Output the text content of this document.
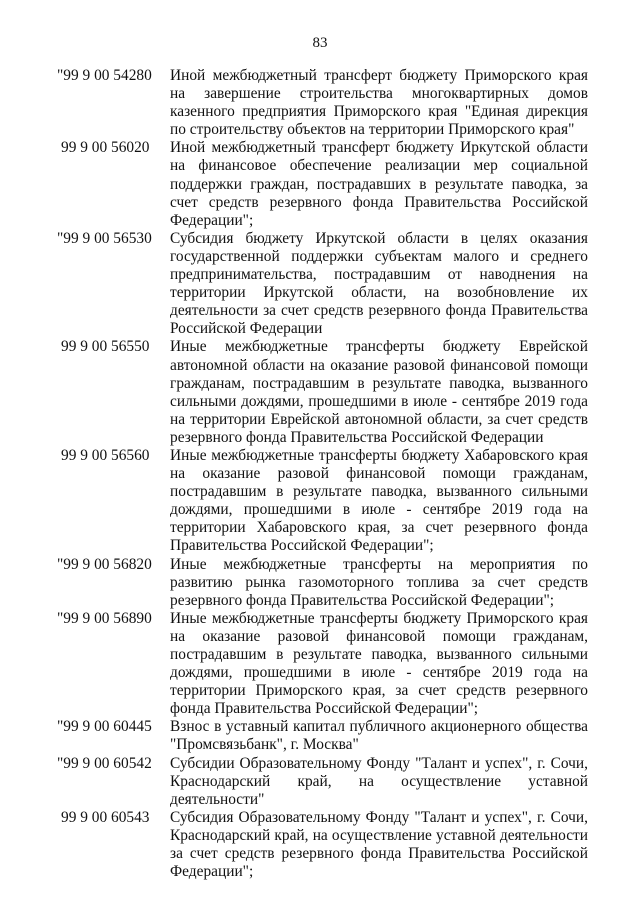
83
"99 9 00 54280	Иной межбюджетный трансферт бюджету Приморского края на завершение строительства многоквартирных домов казенного предприятия Приморского края "Единая дирекция по строительству объектов на территории Приморского края"
99 9 00 56020	Иной межбюджетный трансферт бюджету Иркутской области на финансовое обеспечение реализации мер социальной поддержки граждан, пострадавших в результате паводка, за счет средств резервного фонда Правительства Российской Федерации";
"99 9 00 56530	Субсидия бюджету Иркутской области в целях оказания государственной поддержки субъектам малого и среднего предпринимательства, пострадавшим от наводнения на территории Иркутской области, на возобновление их деятельности за счет средств резервного фонда Правительства Российской Федерации
99 9 00 56550	Иные межбюджетные трансферты бюджету Еврейской автономной области на оказание разовой финансовой помощи гражданам, пострадавшим в результате паводка, вызванного сильными дождями, прошедшими в июле - сентябре 2019 года на территории Еврейской автономной области, за счет средств резервного фонда Правительства Российской Федерации
99 9 00 56560	Иные межбюджетные трансферты бюджету Хабаровского края на оказание разовой финансовой помощи гражданам, пострадавшим в результате паводка, вызванного сильными дождями, прошедшими в июле - сентябре 2019 года на территории Хабаровского края, за счет резервного фонда Правительства Российской Федерации";
"99 9 00 56820	Иные межбюджетные трансферты на мероприятия по развитию рынка газомоторного топлива за счет средств резервного фонда Правительства Российской Федерации";
"99 9 00 56890	Иные межбюджетные трансферты бюджету Приморского края на оказание разовой финансовой помощи гражданам, пострадавшим в результате паводка, вызванного сильными дождями, прошедшими в июле - сентябре 2019 года на территории Приморского края, за счет средств резервного фонда Правительства Российской Федерации";
"99 9 00 60445	Взнос в уставный капитал публичного акционерного общества "Промсвязьбанк", г. Москва"
"99 9 00 60542	Субсидии Образовательному Фонду "Талант и успех", г. Сочи, Краснодарский край, на осуществление уставной деятельности"
99 9 00 60543	Субсидия Образовательному Фонду "Талант и успех", г. Сочи, Краснодарский край, на осуществление уставной деятельности за счет средств резервного фонда Правительства Российской Федерации";
